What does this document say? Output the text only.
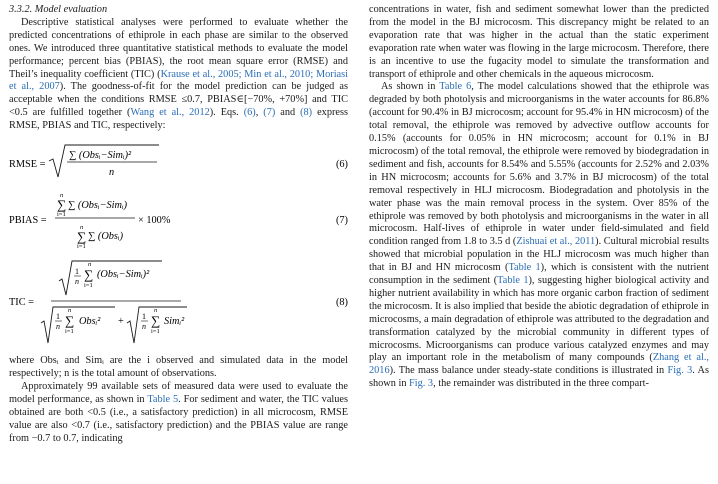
3.3.2. Model evaluation

Descriptive statistical analyses were performed to evaluate whether the predicted concentrations of ethiprole in each phase are similar to the observed ones. We introduced three quantitative statistical methods to evaluate the model performance; percent bias (PBIAS), the root mean square error (RMSE) and Theil’s inequality coefficient (TIC) (Krause et al., 2005; Min et al., 2010; Moriasi et al., 2007). The goodness-of-fit for the model prediction can be judged as acceptable when the conditions RMSE ≤0.7, PBIAS∈[−70%, +70%] and TIC <0.5 are fulfilled together (Wang et al., 2012). Eqs. (6), (7) and (8) express RMSE, PBIAS and TIC, respectively:

RMSE =
∑ (Obsᵢ−Simᵢ)²
n
(6)
PBIAS =
n
∑
i=1
∑ (Obsᵢ−Simᵢ)
n
∑
i=1
∑ (Obsᵢ)
× 100%	(7)
TIC =
1
n
n
∑
i=1
(Obsᵢ−Simᵢ)²
1
n
n
∑
i=1
Obsᵢ² + 1
n
n
∑
i=1
Simᵢ²
(8)

where Obsᵢ and Simᵢ are the i observed and simulated data in the model respectively; n is the total amount of observations.

Approximately 99 available sets of measured data were used to evaluate the model performance, as shown in Table 5. For sediment and water, the TIC values obtained are both <0.5 (i.e., a satisfactory prediction) in all microcosm, RMSE value are also <0.7 (i.e., satisfactory prediction) and the PBIAS value are range from −0.7 to 0.7, indicating

concentrations in water, fish and sediment somewhat lower than the predicted from the model in the BJ microcosm. This discrepancy might be related to an evaporation rate that was higher in the actual than the static experiment evaporation rate when water was flowing in the large microcosm. Therefore, there is an incentive to use the fugacity model to simulate the transformation and transport of ethiprole and other chemicals in the aqueous microcosm.

As shown in Table 6, The model calculations showed that the ethiprole was degraded by both photolysis and microorganisms in the water accounts for 86.8% (account for 90.4% in BJ microcosm; account for 95.4% in HN microcosm) of the total removal, the ethiprole was removed by advective outflow accounts for 0.15% (accounts for 0.05% in HN microcosm; account for 0.1% in BJ microcosm) of the total removal, the ethiprole were removed by biodegradation in sediment and fish, accounts for 8.54% and 5.55% (accounts for 2.52% and 2.03% in HN microcosm; accounts for 5.6% and 3.7% in BJ microcosm) of the total removal respectively in HLJ microcosm. Biodegradation and photolysis in the water phase was the main removal process in the system. Over 85% of the ethiprole was removed by both photolysis and microorganisms in the water in all microcosm. Half-lives of ethiprole in water under field-simulated and field condition ranged from 1.8 to 3.5 d (Zishuai et al., 2011). Cultural microbial results showed that microbial population in the HLJ microcosm was much higher than that in BJ and HN microcosm (Table 1), which is consistent with the nutrient consumption in the sediment (Table 1), suggesting higher biological activity and higher nutrient availability in which has more organic carbon fraction of sediment the microcosm. It is also implied that beside the abiotic degradation of ethiprole in microcosms, a main degradation of ethiprole was attributed to the degradation and transformation catalyzed by the microbial community in different types of microcosms. Microorganisms can produce various catalyzed enzymes and may play an important role in the metabolism of many compounds (Zhang et al., 2016). The mass balance under steady-state conditions is illustrated in Fig. 3. As shown in Fig. 3, the remainder was distributed in the three compart-
